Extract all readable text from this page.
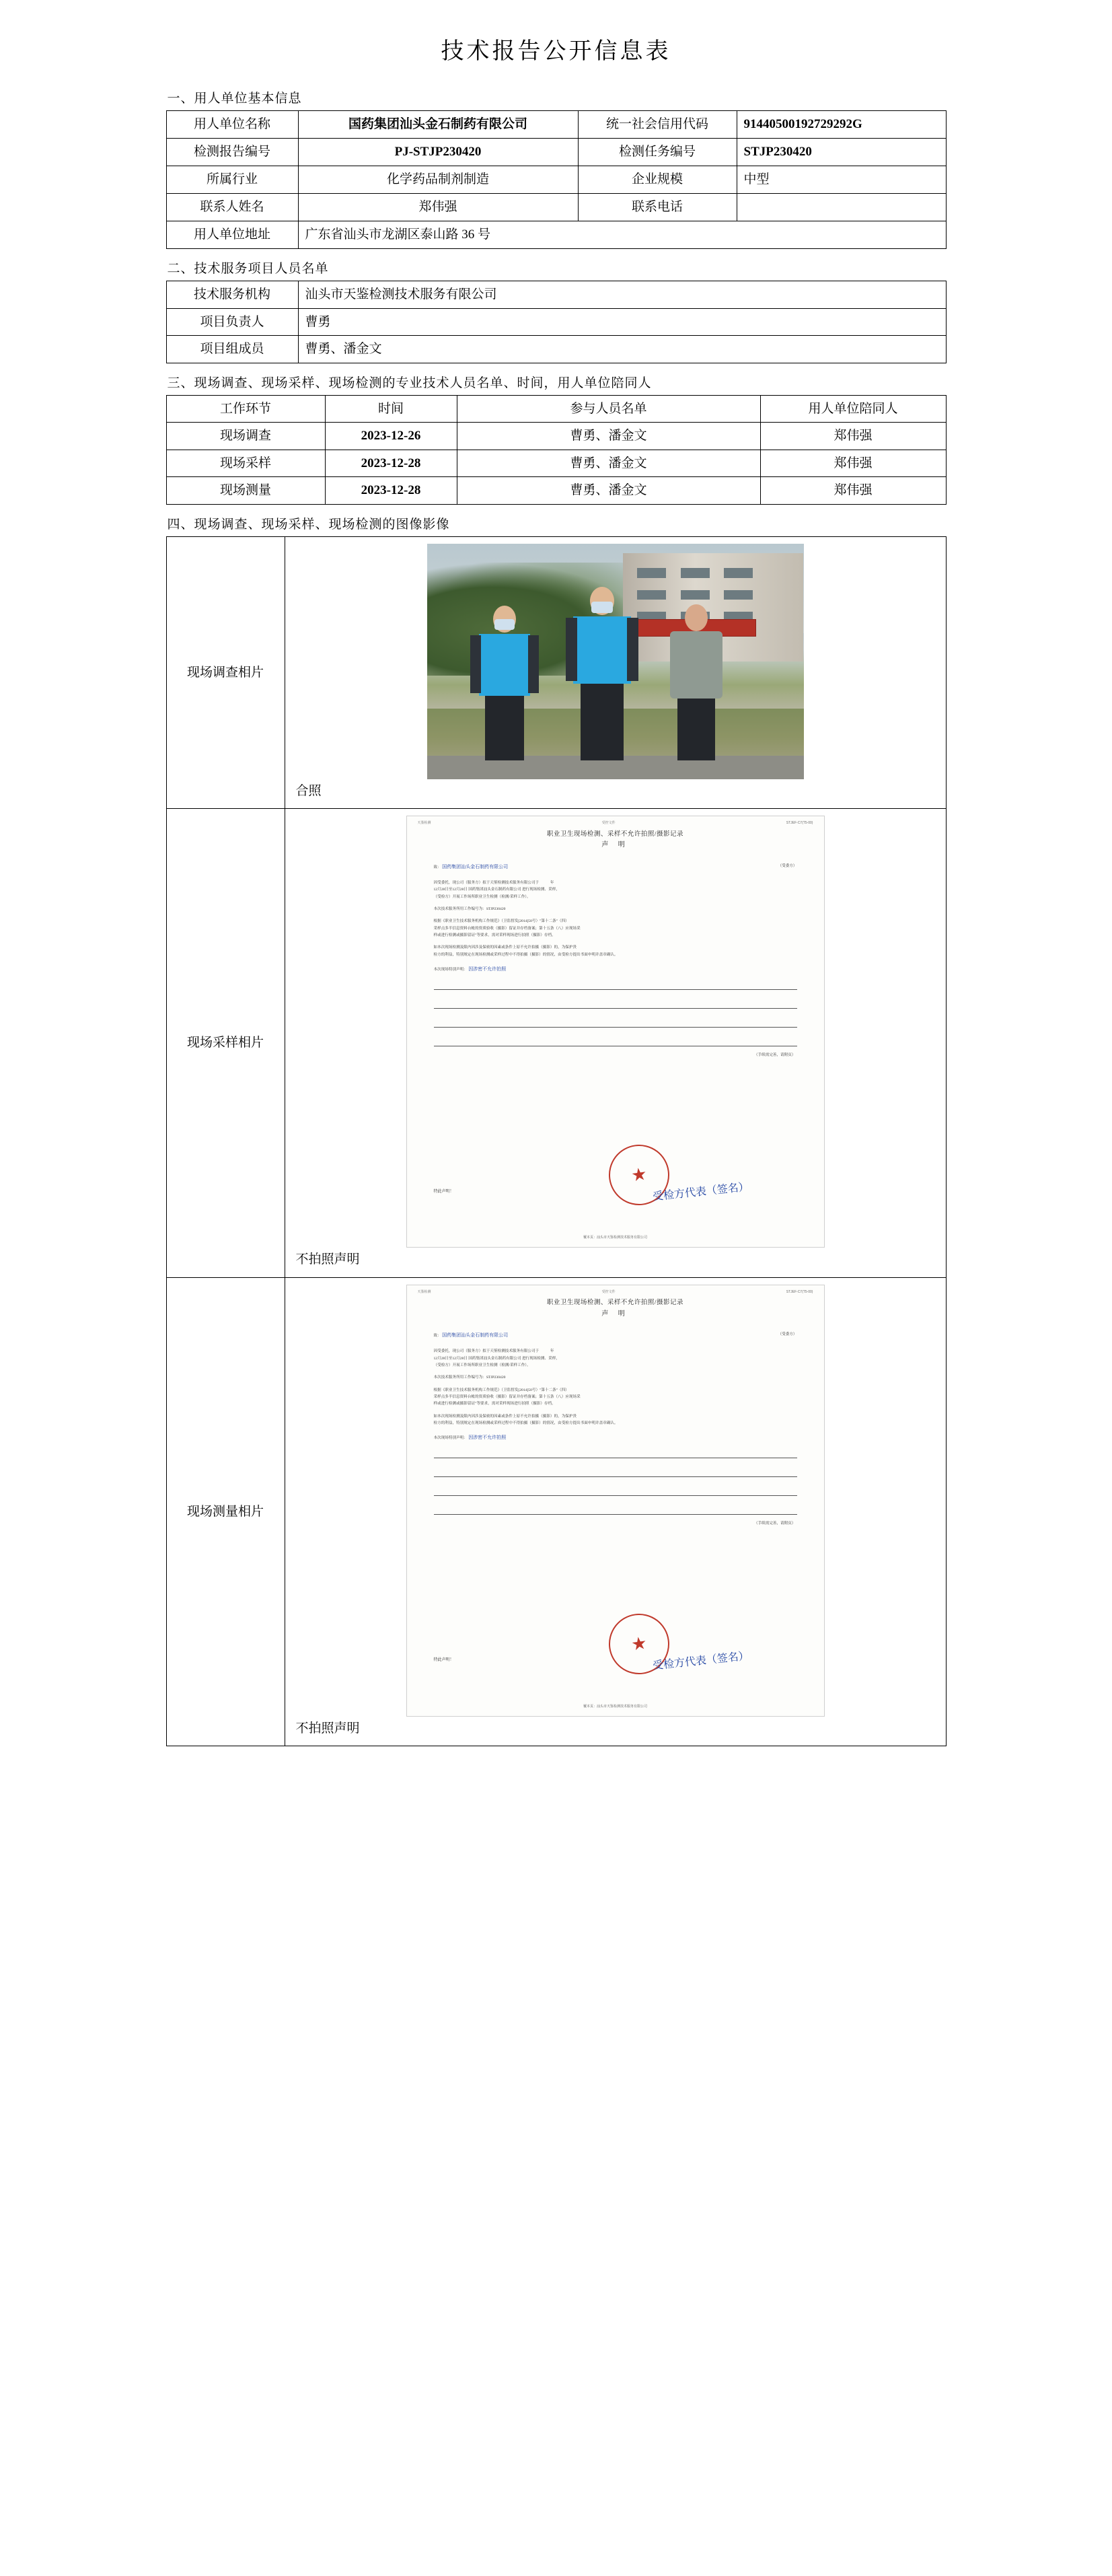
技术报告公开信息表
一、用人单位基本信息
用人单位名称	国药集团汕头金石制药有限公司	统一社会信用代码	91440500192729292G
检测报告编号	PJ-STJP230420	检测任务编号	STJP230420
所属行业	化学药品制剂制造	企业规模	中型
联系人姓名	郑伟强	联系电话	
用人单位地址	广东省汕头市龙湖区泰山路 36 号		
二、技术服务项目人员名单
技术服务机构	汕头市天鉴检测技术服务有限公司
项目负责人	曹勇
项目组成员	曹勇、潘金文
三、现场调查、现场采样、现场检测的专业技术人员名单、时间，用人单位陪同人
工作环节	时间	参与人员名单	用人单位陪同人
现场调查	2023-12-26	曹勇、潘金文	郑伟强
现场采样	2023-12-28	曹勇、潘金文	郑伟强
现场测量	2023-12-28	曹勇、潘金文	郑伟强
四、现场调查、现场采样、现场检测的图像影像
现场调查相片	合照

现场采样相片	
天鉴检测	受控文件	STJEF-C7(T5-00)
职业卫生现场检测、采样不允许拍照/摄影记录
声 明
致： 国药集团汕头金石制药有限公司	（受委方）
因受委托，现公司（服务方）拟于天鉴检测技术服务有限公司于　　　年
12月28日至12月28日 国药集团汕头金石制药有限公司 进行现场检测、采样，
（受检方）开展工作场所职业卫生检测（检测/采样工作）。
本次技术服务所用工作编号为：STJP230420
根据《职业卫生技术服务机构工作规范》（卫监督发[2014]50号）"第十二条"（四）
采样点多半信息资料台帐的资质验收（摄影）留证并存档备案；第十五条（八）应现场采
样或进行检测或摄影留证"等要求，需对采样现场进行拍照（摄影）存档。
如本次现场检测及限内因涉及保密的因素或条件上原不允许拍摄（摄影）的，为保护贵
检方的利益，特别规定在现场检测或采样过程中不得拍摄（摄影）的情况，由受检方提出书面申明并盖章确认。
本次现场特别声明： 因涉密不允许拍照
（手续需完善，请附页）
特此声明！ ★	受检方代表（签名）
覆本页：汕头市天鉴检测技术服务有限公司
不拍照声明

现场测量相片	
天鉴检测	受控文件	STJEF-C7(T5-00)
职业卫生现场检测、采样不允许拍照/摄影记录
声 明
致： 国药集团汕头金石制药有限公司	（受委方）
因受委托，现公司（服务方）拟于天鉴检测技术服务有限公司于　　　年
12月28日至12月28日 国药集团汕头金石制药有限公司 进行现场检测、采样，
（受检方）开展工作场所职业卫生检测（检测/采样工作）。
本次技术服务所用工作编号为：STJP230420
根据《职业卫生技术服务机构工作规范》（卫监督发[2014]50号）"第十二条"（四）
采样点多半信息资料台帐的资质验收（摄影）留证并存档备案；第十五条（八）应现场采
样或进行检测或摄影留证"等要求，需对采样现场进行拍照（摄影）存档。
如本次现场检测及限内因涉及保密的因素或条件上原不允许拍摄（摄影）的，为保护贵
检方的利益，特别规定在现场检测或采样过程中不得拍摄（摄影）的情况，由受检方提出书面申明并盖章确认。
本次现场特别声明： 因涉密不允许拍照
（手续需完善，请附页）
特此声明！ ★	受检方代表（签名）
覆本页：汕头市天鉴检测技术服务有限公司
不拍照声明
